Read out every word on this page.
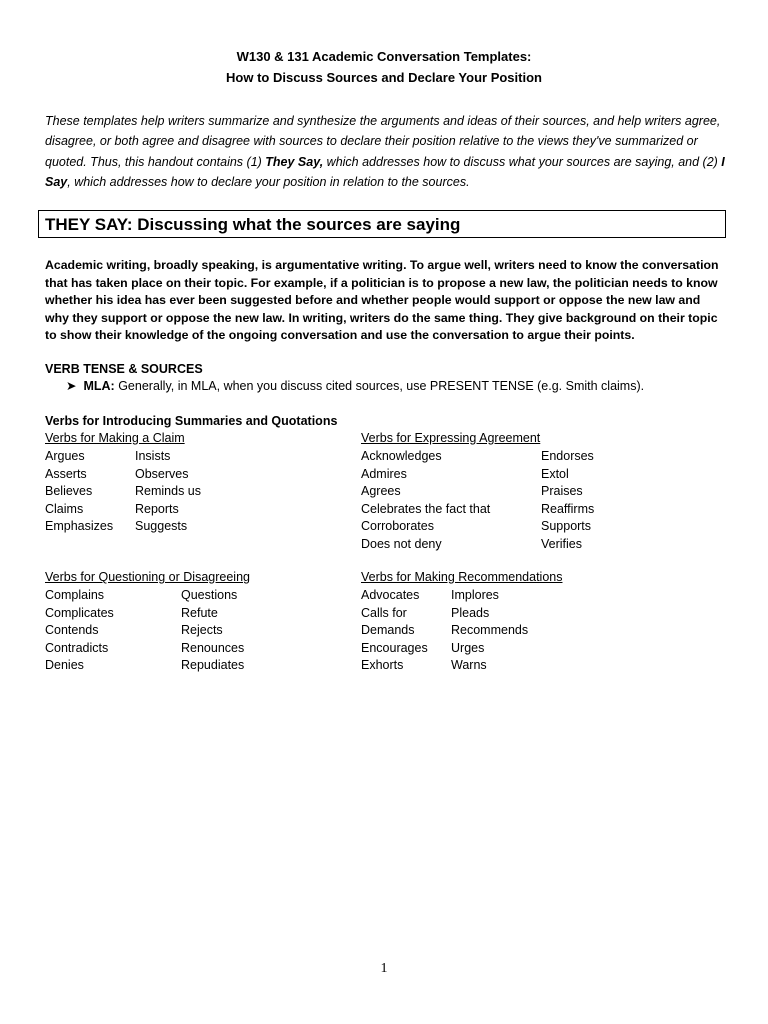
W130 & 131 Academic Conversation Templates:
How to Discuss Sources and Declare Your Position
These templates help writers summarize and synthesize the arguments and ideas of their sources, and help writers agree, disagree, or both agree and disagree with sources to declare their position relative to the views they've summarized or quoted. Thus, this handout contains (1) They Say, which addresses how to discuss what your sources are saying, and (2) I Say, which addresses how to declare your position in relation to the sources.
THEY SAY: Discussing what the sources are saying
Academic writing, broadly speaking, is argumentative writing. To argue well, writers need to know the conversation that has taken place on their topic. For example, if a politician is to propose a new law, the politician needs to know whether his idea has ever been suggested before and whether people would support or oppose the new law and why they support or oppose the new law. In writing, writers do the same thing. They give background on their topic to show their knowledge of the ongoing conversation and use the conversation to argue their points.
VERB TENSE & SOURCES
➤ MLA: Generally, in MLA, when you discuss cited sources, use PRESENT TENSE (e.g. Smith claims).
Verbs for Introducing Summaries and Quotations
Verbs for Making a Claim
Argues
Asserts
Believes
Claims
Emphasizes
Insists
Observes
Reminds us
Reports
Suggests
Verbs for Expressing Agreement
Acknowledges
Admires
Agrees
Celebrates the fact that
Corroborates
Does not deny
Endorses
Extol
Praises
Reaffirms
Supports
Verifies
Verbs for Questioning or Disagreeing
Complains
Complicates
Contends
Contradicts
Denies
Questions
Refute
Rejects
Renounces
Repudiates
Verbs for Making Recommendations
Advocates
Calls for
Demands
Encourages
Exhorts
Implores
Pleads
Recommends
Urges
Warns
1
